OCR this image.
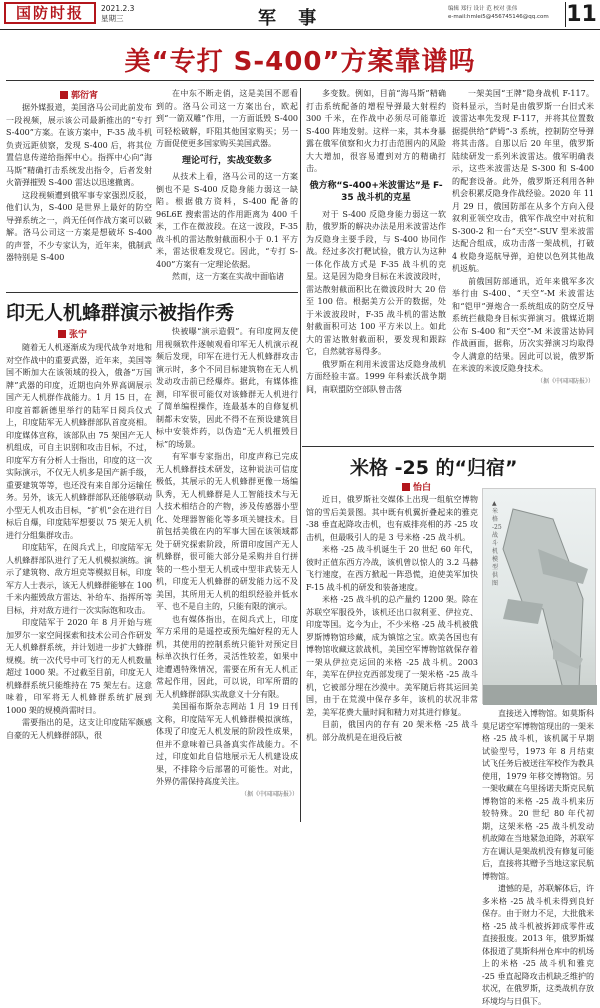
国防时报	2021.2.3
星期三	军 事	编辑 郑行 设计 范 校对 张伟
e-mail:hmlei5@456745146@qq.com 11
美“专打 S-400”方案靠谱吗
郭衍宵

据外媒报道，美国洛马公司此前发布一段视频，展示该公司最新推出的“专打 S-400”方案。在该方案中，F-35 战斗机负责远距侦察，发现 S-400 后，将其位置信息传递给指挥中心。指挥中心向“海马斯”精确打击系统发出指令，后者发射火箭弹摧毁 S-400 雷达以迅速撤离。

这段视频遭到俄军事专家强烈反驳，他们认为，S-400 是世界上最好的防空导弹系统之一，尚无任何作战方案可以破解。洛马公司这一方案是想破坏 S-400 的声誉，不少专家认为，近年来，俄制武器特别是 S-400

在中东不断走俏，这是美国不愿看到的。洛马公司这一方案出台，欧起到“一箭双雕”作用，一方面诋毁 S-400 可轻松破解，吓阻其他国家购买；另一方面促使更多国家购买美国武器。

理论可行，实战变数多

从技术上看，洛马公司的这一方案倒也不是 S-400 反隐身能力弱这一缺陷。根据俄方资料，S-400 配备的 96L6E 搜索雷达的作用距离为 400 千米，工作在微波段。在这一波段，F-35 战斗机的雷达散射截面积小于 0.1 平方米，雷达很难发现它。因此，“专打 S-400”方案有一定理论依据。

然而，这一方案在实战中面临诸

多变数。例如，目前“海马斯”精确打击系统配备的增程导弹最大射程约 300 千米，在作战中必须尽可能靠近 S-400 阵地发射。这样一来，其本身暴露在俄军侦察和火力打击范围内的风险大大增加，很容易遭到对方的精确打击。

俄方称“S-400+米波雷达”是 F-35 战斗机的克星

对于 S-400 反隐身能力弱这一软肋，俄罗斯的解决办法是用米波雷达作为反隐身主要手段，与 S-400 协同作战。经过多次打靶试验，俄方认为这种一体化作战方式是 F-35 战斗机的克星。这是因为隐身目标在米波波段时，雷达散射截面积比在微波段时大 20 倍至 100 倍。根据美方公开的数据，处于米波波段时，F-35 战斗机的雷达散射截面积可达 100 平方米以上。如此大的雷达散射截面积，要发现和跟踪它，自然就容易得多。

俄罗斯在利用米波雷达反隐身战机方面经验丰富。1999 年科索沃战争期间，南联盟防空部队曾击落

一架美国“王牌”隐身战机 F-117。资料显示，当时是由俄罗斯一台旧式米波雷达率先发现 F-117，并将其位置数据提供给“萨姆”-3 系统，控制防空导弹将其击落。自那以后 20 年里，俄罗斯陆续研发一系列米波雷达。俄军明确表示，这些米波雷达是 S-300 和 S-400 的配套设备。此外，俄罗斯还利用各种机会积累反隐身作战经验。2020 年 11 月 29 日，俄国防部在从多个方向入侵叙利亚领空攻击，俄军作战空中对抗和 S-300-2 和一台“天空”-SUV 型米波雷达配合组成，成功击落一架战机，打破 4 枚隐身巡航导弹，迫使以色列其他战机返航。

前俄国防部通讯，近年来俄军多次举行由 S-400、“天空”-M 米波雷达和“铠甲”弹炮合一系统组成的防空反导系统拦截隐身目标实弹演习。俄媒近期公布 S-400 和“天空”-M 米波雷达协同作战画面，据称，历次实弹演习均取得令人满意的结果。因此可以说，俄罗斯在米波的米波反隐身技术。

（据《中国国防报》）
印无人机蜂群演示被指作秀
张宁

随着无人机逐渐成为现代战争对地和对空作战中的重要武器，近年来，美国等国不断加大在该领域的投入，俄备“万国牌”武器的印度，近期也向外界高调展示国产无人机群作战能力。1 月 15 日，在印度首都新德里举行的陆军日阅兵仪式上，印度陆军无人机蜂群部队首度亮相。印度媒体宣称，该部队由 75 架国产无人机组成，可自主识别和攻击目标，不过，印度军方有分析人士指出，印度的这一次实际演示，不仅无人机多是国产新手级，重要建筑等等，也还没有来自部分运输任务。另外，该无人机蜂群部队还能够联动小型无人机攻击目标，“扩机”会在进行目标后自爆，印度陆军想要以 75 架无人机进行分组集群攻击。

印度陆军，在阅兵式上，印度陆军无人机蜂群部队进行了无人机模拟演练。演示了建筑物、敌方坦克等模拟目标，印度军方人士表示，该无人机蜂群能够在 100 千米内摧毁敌方雷达、补给车、指挥所等目标，并对敌方进行一次实际饱和攻击。

印度陆军于 2020 年 8 月开始与班加罗尔一家空间探索和技术公司合作研发无人机蜂群系统，并计划进一步扩大蜂群规模。统一次代号中可飞行的无人机数量超过 1000 架。不过截至目前，印度无人机蜂群系统只能维持在 75 架左右。这意味着，印军将无人机蜂群系统扩展到 1000 架的规模尚需时日。

需要指出的是，这支让印度陆军颇感自豪的无人机蜂群部队，很

快被曝“演示造假”。有印度网友使用视频软件逐帧观看印军无人机演示视频后发现，印军在进行无人机蜂群攻击演示时，多个不同目标建筑物在无人机发动攻击前已经爆炸。据此，有媒体推测，印军很可能仅对该蜂群无人机进行了简单编程操作，连最基本的自修复机制都未安装，因此不得不在预设建筑目标中安装炸药，以伪造“无人机摧毁目标”的场景。

有军事专家指出，印度声称已完成无人机蜂群技术研发，这种说法可信度极低，其展示的无人机蜂群更像一场编队秀，无人机蜂群是人工智能技术与无人技术相结合的产物，涉及传感器小型化、处理器智能化等多项关键技术。目前包括美俄在内的军事大国在该领域都处于研究探索阶段，所谓印度国产无人机蜂群，很可能大部分是采购并自行拼装的一些小型无人机或中型非武装无人机，印度无人机蜂群的研发能力远不及美国，其所用无人机的组织经验并低水平、也不是自主的，只能有限的演示。

也有媒体指出，在阅兵式上，印度军方采用的是遥控或预先编好程的无人机，其使用的控制系统只能针对预定目标单次执行任务，灵活性较差，如果中途遭遇特殊情况，需要在所有无人机正常起作用，因此，可以说，印军所谓的无人机蜂群部队实战意义十分有限。

美国福布斯杂志网站 1 月 19 日刊文称，印度陆军无人机蜂群模拟演练，体现了印度无人机发展的阶段性成果，但并不意味着已具备真实作战能力。不过，印度如此自信地展示无人机建设成果，不排除今后部署的可能性。对此，外界仍需保持高度关注。

（据《中国国防报》）
米格 -25 的“归宿”
怡白

近日，俄罗斯社交媒体上出现一组航空博物馆的雪后美景图。其中既有机翼折叠起来的雅克 -38 垂直起降攻击机，也有威排亮相的苏 -25 攻击机，但最吸引人的是 3 号米格 -25 战斗机。

米格 -25 战斗机诞生于 20 世纪 60 年代，彼时正值东西方冷战，该机曾以惊人的 3.2 马赫飞行速度，在西方掀起一阵恐慌，迫使美军加快 F-15 战斗机的研发和装备速度。

米格 -25 战斗机的总产量约 1200 架。除在苏联空军服役外，该机还出口叙利亚、伊拉克、印度等国。迄今为止，不少米格 -25 战斗机被俄罗斯博物馆珍藏，成为镇馆之宝。欧美各国也有博物馆收藏这款战机，美国空军博物馆就保存着一架从伊拉克运回的米格 -25 战斗机。2003 年，美军在伊拉克西部发现了一架米格 -25 战斗机，它被部分埋在沙漠中。美军随后将其运回美国，由于在荒漠中保存多年，该机的状况非常差，美军花费大量时间和精力对其进行修复。

目前，俄国内的存有 20 架米格 -25 战斗机。部分战机是在退役后被

▲米格 -25 战斗机模型 供图

直接送入博物馆。如莫斯科莫尼诺空军博物馆现出的一架米格 -25 战斗机，该机属于早期试验型号，1973 年 8 月结束试飞任务后被送往军校作为教具使用，1979 年移交博物馆。另一架收藏在乌里扬诺夫斯克民航博物馆的米格 -25 战斗机来历较特殊。20 世纪 80 年代初期，这架米格 -25 战斗机发动机故障在当地紧急迫降，苏联军方在调认是架战机没有修复可能后，直接将其赠予当地这家民航博物馆。

遗憾的是，苏联解体后，许多米格 -25 战斗机未得到良好保存。由于财力不足，大批俄米格 -25 战斗机被拆卸成零件或直接报废。2013 年，俄罗斯媒体报道了莫斯科州仓库中的机场上的米格 -25 战斗机和雅克 -25 垂直起降攻击机缺乏维护的状况，在俄罗斯，这类战机存放环境均与日俱下。
